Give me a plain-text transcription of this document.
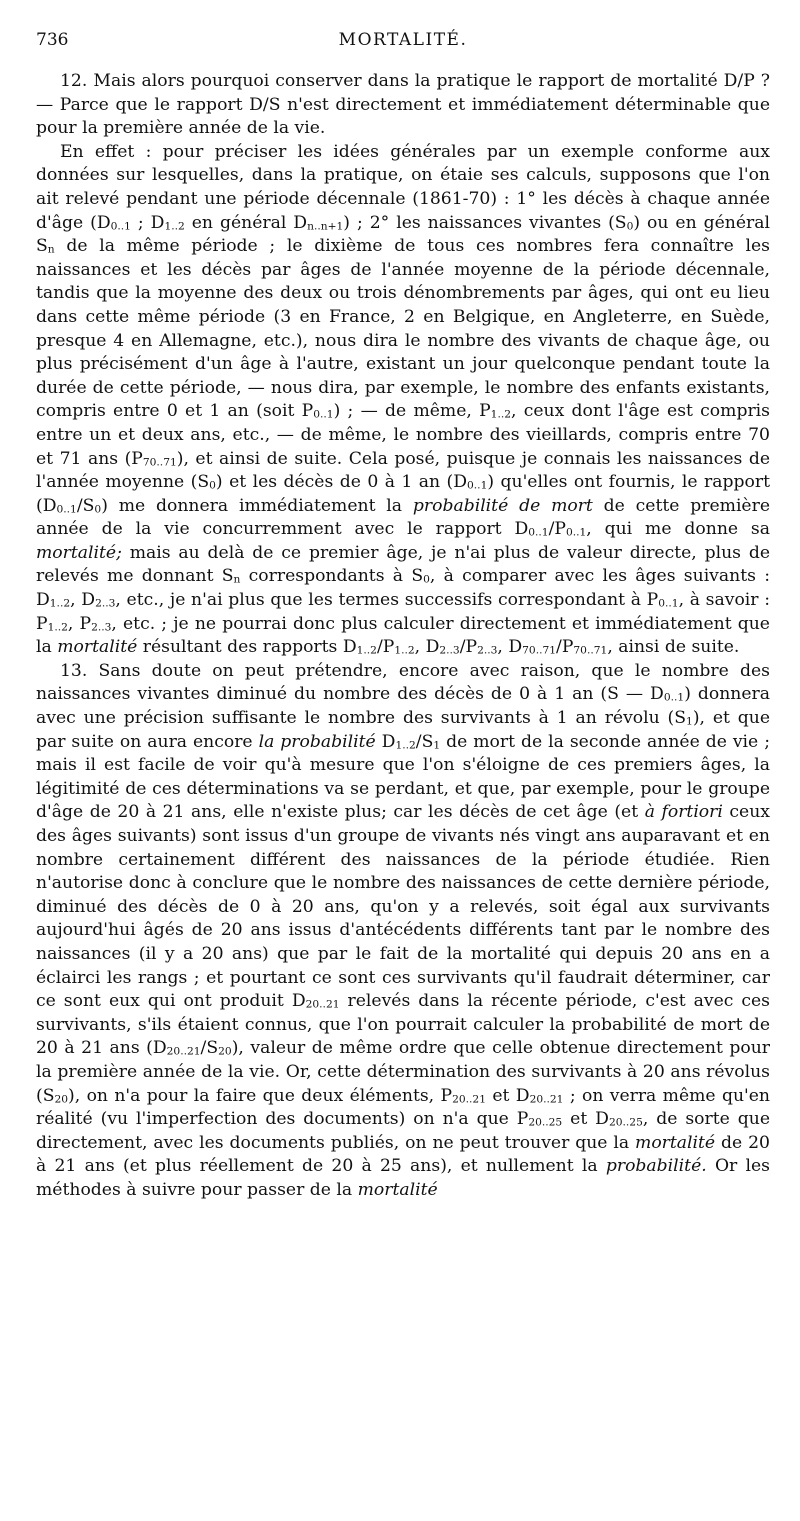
736	MORTALITÉ.

12. Mais alors pourquoi conserver dans la pratique le rapport de mortalité D/P ? — Parce que le rapport D/S n'est directement et immédiatement déterminable que pour la première année de la vie.

En effet : pour préciser les idées générales par un exemple conforme aux données sur lesquelles, dans la pratique, on étaie ses calculs, supposons que l'on ait relevé pendant une période décennale (1861-70) : 1° les décès à chaque année d'âge ($D_{0..1}$ ; $D_{1..2}$ en général $D_{n..n+1}$) ; 2° les naissances vivantes $(S_0)$ ou en général $S_n$ de la même période ; le dixième de tous ces nombres fera connaître les naissances et les décès par âges de l'année moyenne de la période décennale, tandis que la moyenne des deux ou trois dénombrements par âges, qui ont eu lieu dans cette même période (3 en France, 2 en Belgique, en Angleterre, en Suède, presque 4 en Allemagne, etc.), nous dira le nombre des vivants de chaque âge, ou plus précisément d'un âge à l'autre, existant un jour quelconque pendant toute la durée de cette période, — nous dira, par exemple, le nombre des enfants existants, compris entre 0 et 1 an (soit $P_{0..1}$) ; — de même, $P_{1..2}$, ceux dont l'âge est compris entre un et deux ans, etc., — de même, le nombre des vieillards, compris entre 70 et 71 ans $(P_{70..71})$, et ainsi de suite. Cela posé, puisque je connais les naissances de l'année moyenne $(S_0)$ et les décès de 0 à 1 an $(D_{0..1})$ qu'elles ont fournis, le rapport $(D_{0..1}/S_0)$ me donnera immédiatement la probabilité de mort de cette première année de la vie concurremment avec le rapport $D_{0..1}/P_{0..1}$, qui me donne sa mortalité; mais au delà de ce premier âge, je n'ai plus de valeur directe, plus de relevés me donnant $S_n$ correspondants à $S_0$, à comparer avec les âges suivants : $D_{1..2}$, $D_{2..3}$, etc., je n'ai plus que les termes successifs correspondant à $P_{0..1}$, à savoir : $P_{1..2}$, $P_{2..3}$, etc. ; je ne pourrai donc plus calculer directement et immédiatement que la mortalité résultant des rapports $D_{1..2}/P_{1..2}$, $D_{2..3}/P_{2..3}$, $D_{70..71}/P_{70..71}$, ainsi de suite.

13. Sans doute on peut prétendre, encore avec raison, que le nombre des naissances vivantes diminué du nombre des décès de 0 à 1 an (S — $D_{0..1}$) donnera avec une précision suffisante le nombre des survivants à 1 an révolu $(S_1)$, et que par suite on aura encore la probabilité $D_{1..2}/S_1$ de mort de la seconde année de vie ; mais il est facile de voir qu'à mesure que l'on s'éloigne de ces premiers âges, la légitimité de ces déterminations va se perdant, et que, par exemple, pour le groupe d'âge de 20 à 21 ans, elle n'existe plus; car les décès de cet âge (et à fortiori ceux des âges suivants) sont issus d'un groupe de vivants nés vingt ans auparavant et en nombre certainement différent des naissances de la période étudiée. Rien n'autorise donc à conclure que le nombre des naissances de cette dernière période, diminué des décès de 0 à 20 ans, qu'on y a relevés, soit égal aux survivants aujourd'hui âgés de 20 ans issus d'antécédents différents tant par le nombre des naissances (il y a 20 ans) que par le fait de la mortalité qui depuis 20 ans en a éclairci les rangs ; et pourtant ce sont ces survivants qu'il faudrait déterminer, car ce sont eux qui ont produit $D_{20..21}$ relevés dans la récente période, c'est avec ces survivants, s'ils étaient connus, que l'on pourrait calculer la probabilité de mort de 20 à 21 ans $(D_{20..21}/S_{20})$, valeur de même ordre que celle obtenue directement pour la première année de la vie. Or, cette détermination des survivants à 20 ans révolus $(S_{20})$, on n'a pour la faire que deux éléments, $P_{20..21}$ et $D_{20..21}$ ; on verra même qu'en réalité (vu l'imperfection des documents) on n'a que $P_{20..25}$ et $D_{20..25}$, de sorte que directement, avec les documents publiés, on ne peut trouver que la mortalité de 20 à 21 ans (et plus réellement de 20 à 25 ans), et nullement la probabilité. Or les méthodes à suivre pour passer de la mortalité
